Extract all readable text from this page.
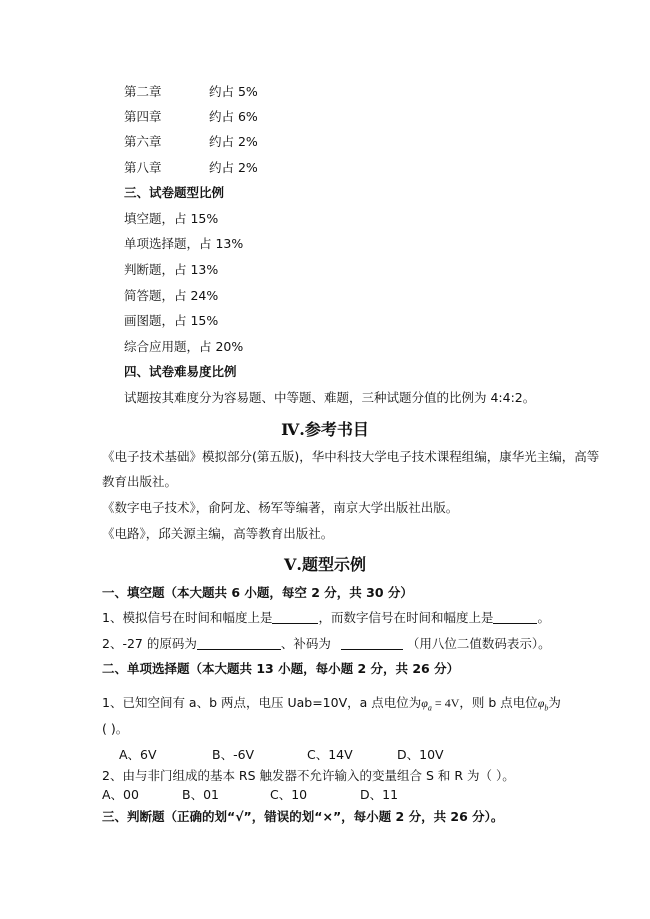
第二章	约占 5%
第四章	约占 6%
第六章	约占 2%
第八章	约占 2%
三、试卷题型比例
填空题，占 15%
单项选择题，占 13%
判断题，占 13%
简答题，占 24%
画图题，占 15%
综合应用题，占 20%
四、试卷难易度比例
试题按其难度分为容易题、中等题、难题，三种试题分值的比例为 4:4:2。
Ⅳ.参考书目
《电子技术基础》模拟部分(第五版)，华中科技大学电子技术课程组编，康华光主编，高等
教育出版社。
《数字电子技术》，俞阿龙、杨军等编著，南京大学出版社出版。
《电路》，邱关源主编，高等教育出版社。
Ⅴ.题型示例
一、填空题（本大题共 6 小题，每空 2 分，共 30 分）
1、模拟信号在时间和幅度上是	，而数字信号在时间和幅度上是	。
2、-27 的原码为	、补码为	（用八位二值数码表示）。
二、单项选择题（本大题共 13 小题，每小题 2 分，共 26 分）
1、已知空间有 a、b 两点，电压 Uab=10V，a 点电位为$\varphi_a = 4V$，则 b 点电位$\varphi_b$为
( )。
A、6V	B、-6V	C、14V	D、10V
2、由与非门组成的基本 RS 触发器不允许输入的变量组合 S 和 R 为（ ）。
A、00	B、01	C、10	D、11
三、判断题（正确的划“√”，错误的划“×”，每小题 2 分，共 26 分）。
